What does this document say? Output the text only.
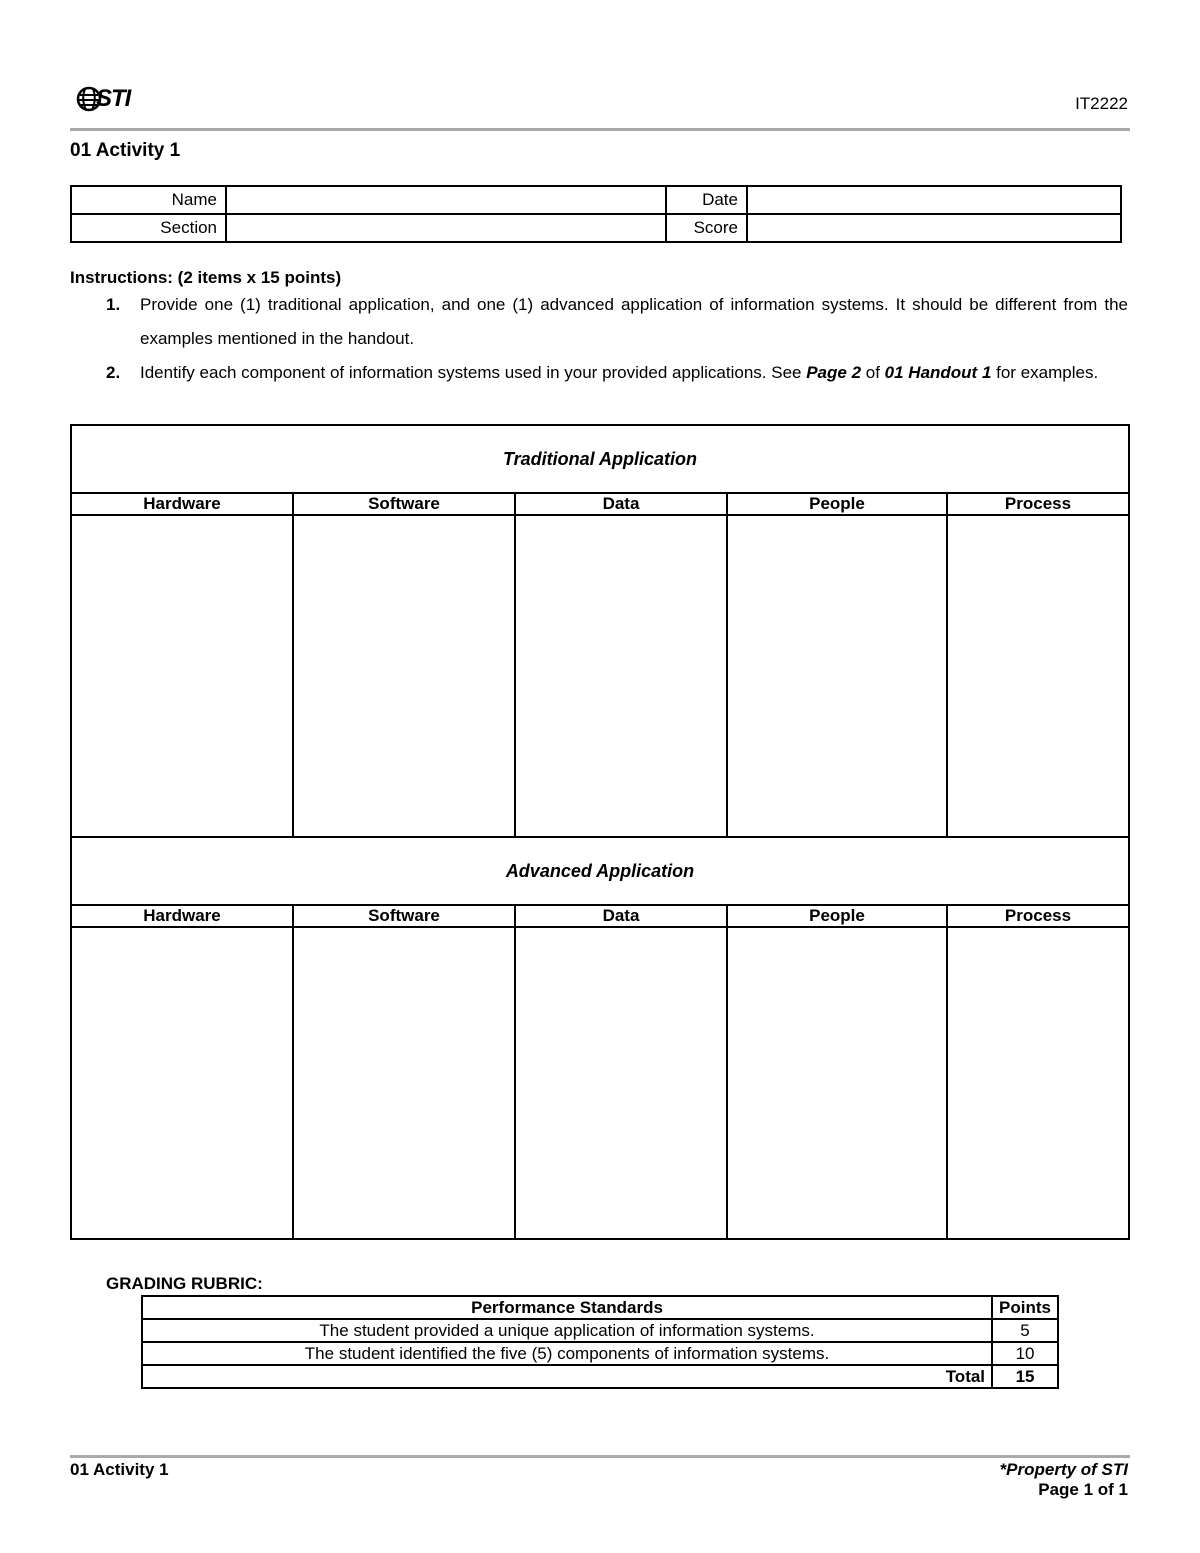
STI	IT2222
01 Activity 1
Name		Date	
Section		Score	
Instructions: (2 items x 15 points)
1. Provide one (1) traditional application, and one (1) advanced application of information systems. It should be different from the examples mentioned in the handout.
2. Identify each component of information systems used in your provided applications. See Page 2 of 01 Handout 1 for examples.
Traditional Application				
Hardware	Software	Data	People	Process

Advanced Application				
Hardware	Software	Data	People	Process

GRADING RUBRIC:
Performance Standards	Points
The student provided a unique application of information systems.	5
The student identified the five (5) components of information systems.	10
Total	15
01 Activity 1	*Property of STI
Page 1 of 1
